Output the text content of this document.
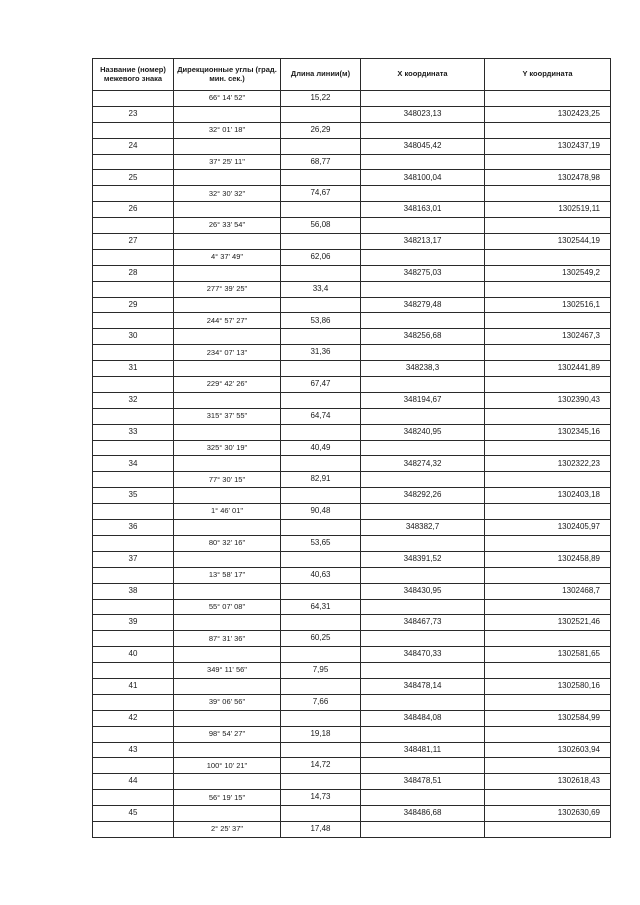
Название (номер) межевого знака	Дирекционные углы (град. мин. сек.)	Длина линии(м)	X координата	Y координата
	66° 14' 52"	15,22		
23			348023,13	1302423,25
	32° 01' 18"	26,29		
24			348045,42	1302437,19
	37° 25' 11"	68,77		
25			348100,04	1302478,98
	32° 30' 32"	74,67		
26			348163,01	1302519,11
	26° 33' 54"	56,08		
27			348213,17	1302544,19
	4° 37' 49"	62,06		
28			348275,03	1302549,2
	277° 39' 25"	33,4		
29			348279,48	1302516,1
	244° 57' 27"	53,86		
30			348256,68	1302467,3
	234° 07' 13"	31,36		
31			348238,3	1302441,89
	229° 42' 26"	67,47		
32			348194,67	1302390,43
	315° 37' 55"	64,74		
33			348240,95	1302345,16
	325° 30' 19"	40,49		
34			348274,32	1302322,23
	77° 30' 15"	82,91		
35			348292,26	1302403,18
	1° 46' 01"	90,48		
36			348382,7	1302405,97
	80° 32' 16"	53,65		
37			348391,52	1302458,89
	13° 58' 17"	40,63		
38			348430,95	1302468,7
	55° 07' 08"	64,31		
39			348467,73	1302521,46
	87° 31' 36"	60,25		
40			348470,33	1302581,65
	349° 11' 56"	7,95		
41			348478,14	1302580,16
	39° 06' 56"	7,66		
42			348484,08	1302584,99
	98° 54' 27"	19,18		
43			348481,11	1302603,94
	100° 10' 21"	14,72		
44			348478,51	1302618,43
	56° 19' 15"	14,73		
45			348486,68	1302630,69
	2° 25' 37"	17,48		
